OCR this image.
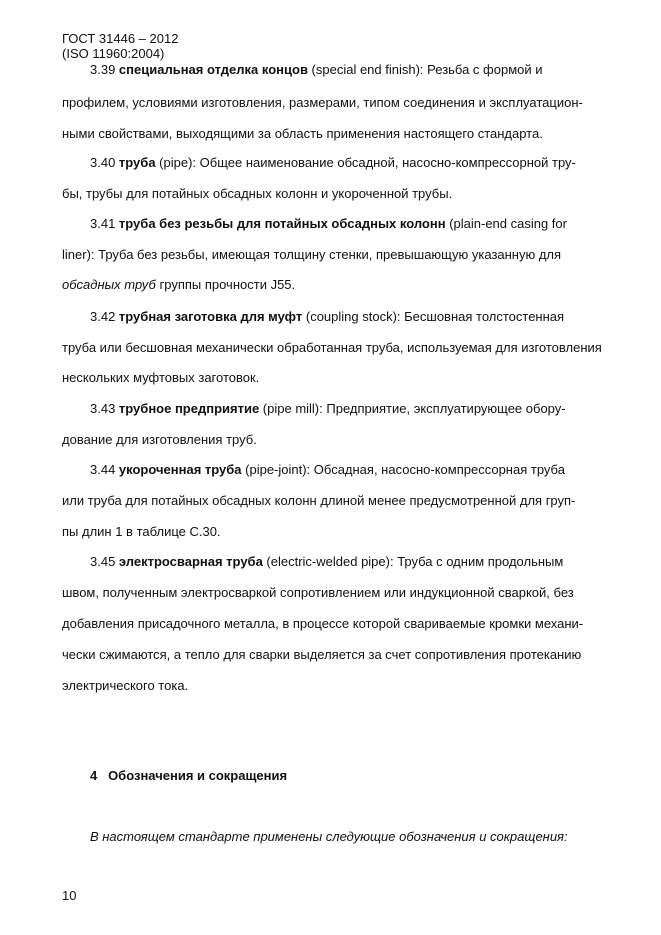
ГОСТ 31446 – 2012
(ISO 11960:2004)
3.39 специальная отделка концов (special end finish): Резьба с формой и
профилем, условиями изготовления, размерами, типом соединения и эксплуатацион-
ными свойствами, выходящими за область применения настоящего стандарта.
3.40 труба (pipe): Общее наименование обсадной, насосно-компрессорной тру-
бы, трубы для потайных обсадных колонн и укороченной трубы.
3.41 труба без резьбы для потайных обсадных колонн (plain-end casing for
liner): Труба без резьбы, имеющая толщину стенки, превышающую указанную для
обсадных труб группы прочности J55.
3.42 трубная заготовка для муфт (coupling stock): Бесшовная толстостенная
труба или бесшовная механически обработанная труба, используемая для изготовления
нескольких муфтовых заготовок.
3.43 трубное предприятие (pipe mill): Предприятие, эксплуатирующее обору-
дование для изготовления труб.
3.44 укороченная труба (pipe-joint): Обсадная, насосно-компрессорная труба
или труба для потайных обсадных колонн длиной менее предусмотренной для груп-
пы длин 1 в таблице С.30.
3.45 электросварная труба (electric-welded pipe): Труба с одним продольным
швом, полученным электросваркой сопротивлением или индукционной сваркой, без
добавления присадочного металла, в процессе которой свариваемые кромки механи-
чески сжимаются, а тепло для сварки выделяется за счет сопротивления протеканию
электрического тока.
4   Обозначения и сокращения
В настоящем стандарте применены следующие обозначения и сокращения:
10
